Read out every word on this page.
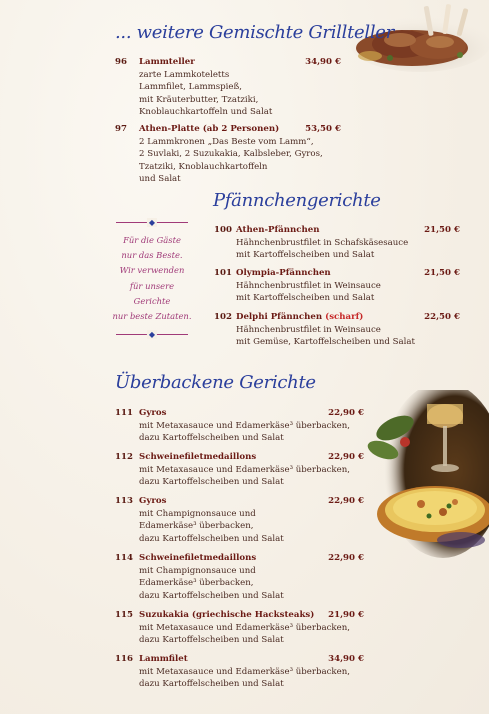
... weitere Gemischte Grillteller
Pfännchengerichte
Überbackene Gerichte
96 Lammteller
zarte Lammkoteletts
Lammfilet, Lammspieß,
mit Kräuterbutter, Tzatziki,
Knoblauchkartoffeln und Salat
34,90 €
97 Athen-Platte (ab 2 Personen)
2 Lammkronen „Das Beste vom Lamm“,
2 Suvlaki, 2 Suzukakia, Kalbsleber, Gyros,
Tzatziki, Knoblauchkartoffeln
und Salat
53,50 €
100 Athen-Pfännchen
Hähnchenbrustfilet in Schafskäsesauce
mit Kartoffelscheiben und Salat
21,50 €
101 Olympia-Pfännchen
Hähnchenbrustfilet in Weinsauce
mit Kartoffelscheiben und Salat
21,50 €
102 Delphi Pfännchen (scharf)
Hähnchenbrustfilet in Weinsauce
mit Gemüse, Kartoffelscheiben und Salat
22,50 €
111 Gyros
mit Metaxasauce und Edamerkäse³ überbacken,
dazu Kartoffelscheiben und Salat
22,90 €
112 Schweinefiletmedaillons
mit Metaxasauce und Edamerkäse³ überbacken,
dazu Kartoffelscheiben und Salat
22,90 €
113 Gyros
mit Champignonsauce und
Edamerkäse³ überbacken,
dazu Kartoffelscheiben und Salat
22,90 €
114 Schweinefiletmedaillons
mit Champignonsauce und
Edamerkäse³ überbacken,
dazu Kartoffelscheiben und Salat
22,90 €
115 Suzukakia (griechische Hacksteaks)
mit Metaxasauce und Edamerkäse³ überbacken,
dazu Kartoffelscheiben und Salat
21,90 €
116 Lammfilet
mit Metaxasauce und Edamerkäse³ überbacken,
dazu Kartoffelscheiben und Salat
34,90 €
◆
Für die Gäste
nur das Beste.
Wir verwenden
für unsere Gerichte
nur beste Zutaten.
◆
